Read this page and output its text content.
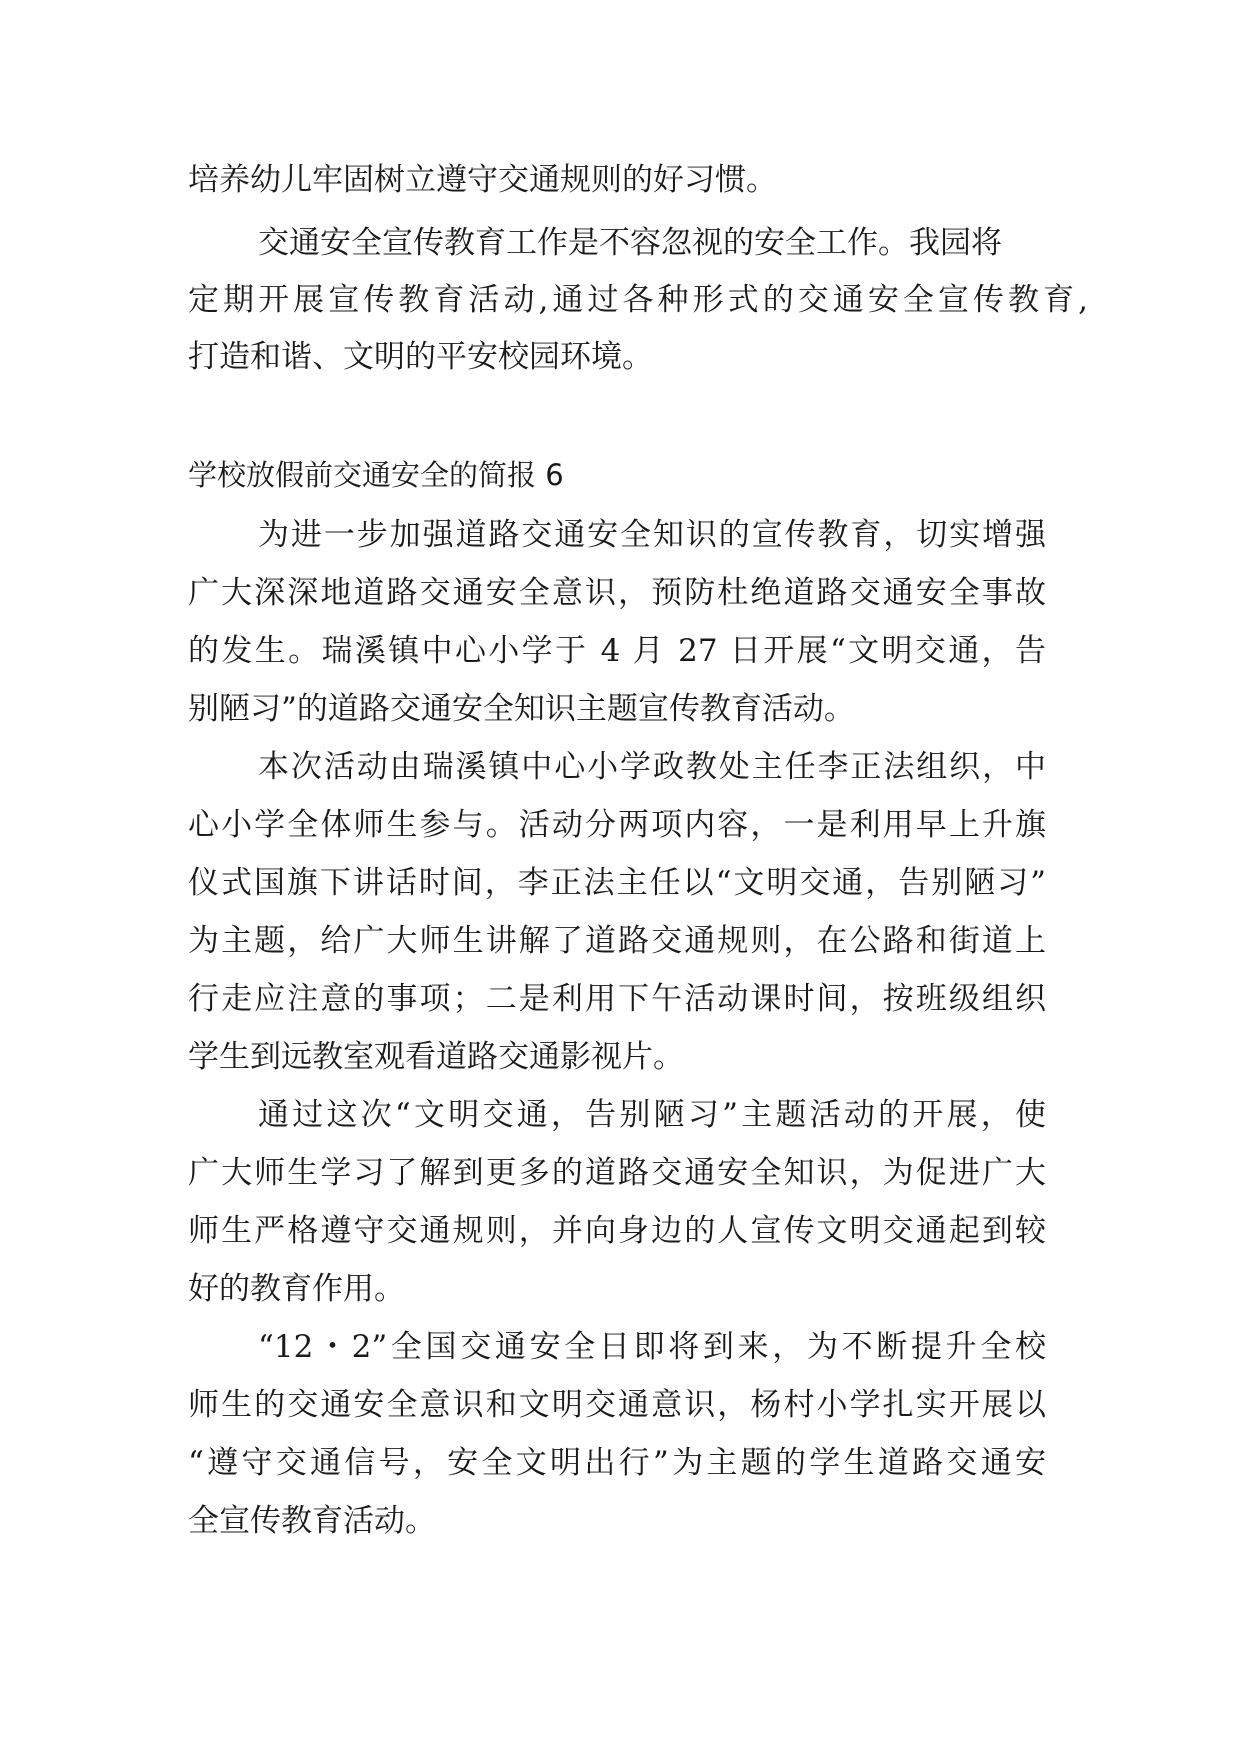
培养幼儿牢固树立遵守交通规则的好习惯。
交通安全宣传教育工作是不容忽视的安全工作。我园将
定期开展宣传教育活动,通过各种形式的交通安全宣传教育,
打造和谐、文明的平安校园环境。
学校放假前交通安全的简报 6
为进一步加强道路交通安全知识的宣传教育，切实增强
广大深深地道路交通安全意识，预防杜绝道路交通安全事故
的发生。瑞溪镇中心小学于 4 月 27 日开展“文明交通，告
别陋习”的道路交通安全知识主题宣传教育活动。
本次活动由瑞溪镇中心小学政教处主任李正法组织，中
心小学全体师生参与。活动分两项内容，一是利用早上升旗
仪式国旗下讲话时间，李正法主任以“文明交通，告别陋习”
为主题，给广大师生讲解了道路交通规则，在公路和街道上
行走应注意的事项；二是利用下午活动课时间，按班级组织
学生到远教室观看道路交通影视片。
通过这次“文明交通，告别陋习”主题活动的开展，使
广大师生学习了解到更多的道路交通安全知识，为促进广大
师生严格遵守交通规则，并向身边的人宣传文明交通起到较
好的教育作用。
“12・2”全国交通安全日即将到来，为不断提升全校
师生的交通安全意识和文明交通意识，杨村小学扎实开展以
“遵守交通信号，安全文明出行”为主题的学生道路交通安
全宣传教育活动。
